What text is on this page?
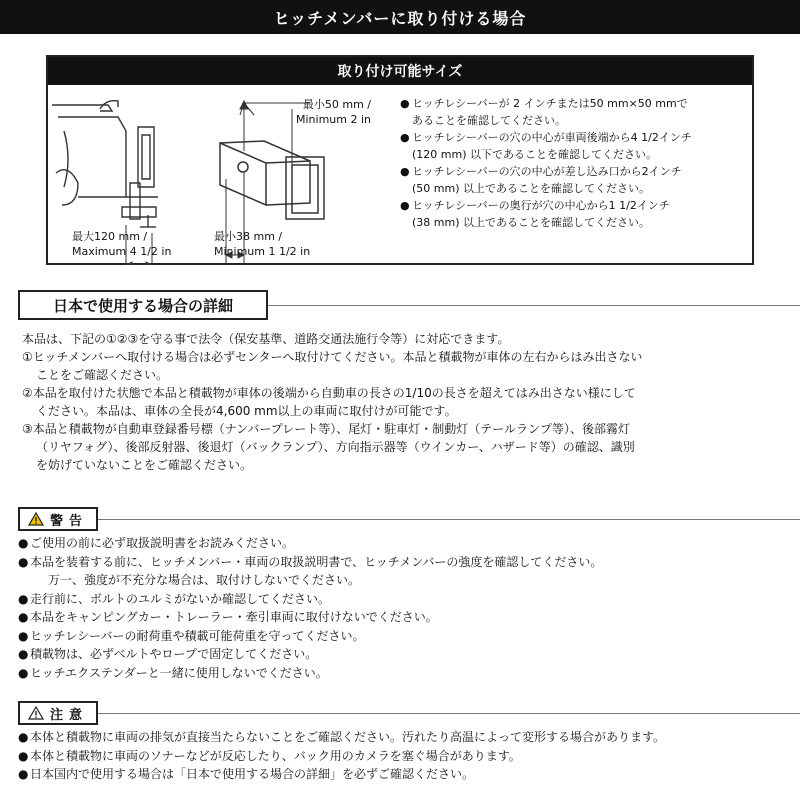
ヒッチメンバーに取り付ける場合
取り付け可能サイズ
最大120 mm /
Maximum 4 1/2 in
最小50 mm /
Minimum 2 in
最小38 mm /
Minimum 1 1/2 in
● ヒッチレシーバーが 2 インチまたは50 mm×50 mmで
あることを確認してください。
● ヒッチレシーバーの穴の中心が車両後端から4 1/2インチ
(120 mm) 以下であることを確認してください。
● ヒッチレシーバーの穴の中心が差し込み口から2インチ
(50 mm) 以上であることを確認してください。
● ヒッチレシーバーの奥行が穴の中心から1 1/2インチ
(38 mm) 以上であることを確認してください。
日本で使用する場合の詳細

本品は、下記の①②③を守る事で法令（保安基準、道路交通法施行令等）に対応できます。

①ヒッチメンバーへ取付ける場合は必ずセンターへ取付けてください。本品と積載物が車体の左右からはみ出さない

ことをご確認ください。

②本品を取付けた状態で本品と積載物が車体の後端から自動車の長さの1/10の長さを超えてはみ出さない様にして

ください。本品は、車体の全長が4,600 mm以上の車両に取付けが可能です。

③本品と積載物が自動車登録番号標（ナンバープレート等）、尾灯・駐車灯・制動灯（テールランプ等）、後部霧灯

（リヤフォグ）、後部反射器、後退灯（バックランプ）、方向指示器等（ウインカー、ハザード等）の確認、識別

を妨げていないことをご確認ください。

警告
● ご使用の前に必ず取扱説明書をお読みください。
● 本品を装着する前に、ヒッチメンバー・車両の取扱説明書で、ヒッチメンバーの強度を確認してください。
万一、強度が不充分な場合は、取付けしないでください。
● 走行前に、ボルトのユルミがないか確認してください。
● 本品をキャンピングカー・トレーラー・牽引車両に取付けないでください。
● ヒッチレシーバーの耐荷重や積載可能荷重を守ってください。
● 積載物は、必ずベルトやロープで固定してください。
● ヒッチエクステンダーと一緒に使用しないでください。
注意
● 本体と積載物に車両の排気が直接当たらないことをご確認ください。汚れたり高温によって変形する場合があります。
● 本体と積載物に車両のソナーなどが反応したり、バック用のカメラを塞ぐ場合があります。
● 日本国内で使用する場合は「日本で使用する場合の詳細」を必ずご確認ください。
